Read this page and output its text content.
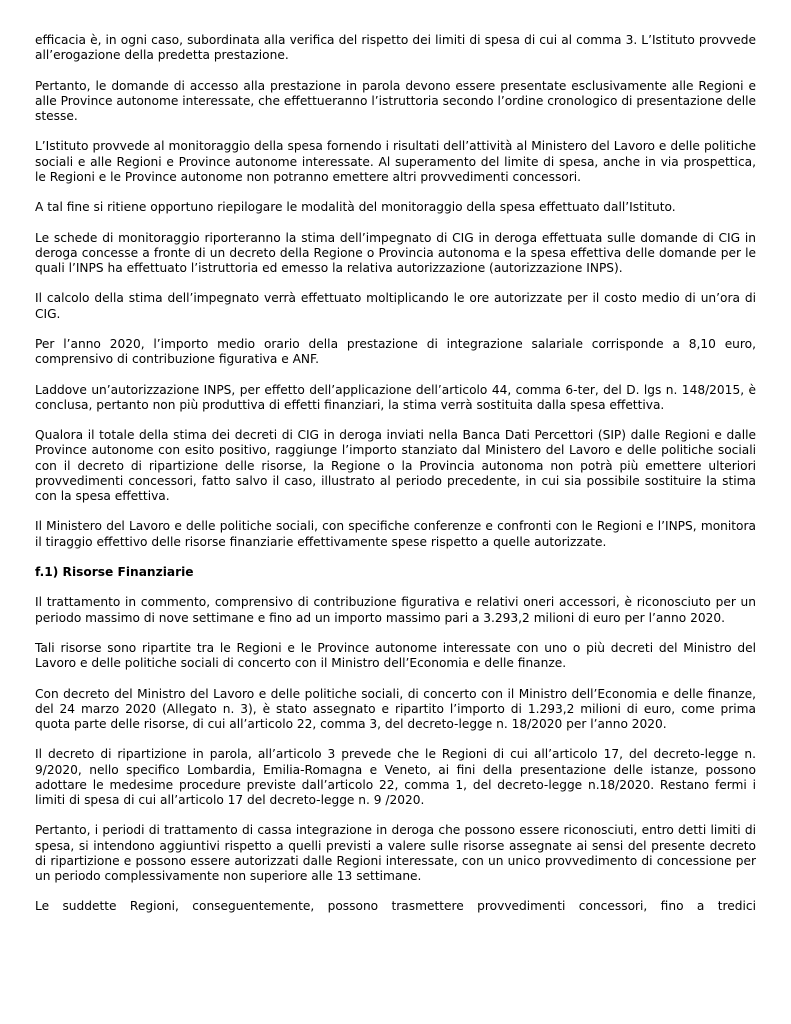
efficacia è, in ogni caso, subordinata alla verifica del rispetto dei limiti di spesa di cui al comma 3. L’Istituto provvede all’erogazione della predetta prestazione.

Pertanto, le domande di accesso alla prestazione in parola devono essere presentate esclusivamente alle Regioni e alle Province autonome interessate, che effettueranno l’istruttoria secondo l’ordine cronologico di presentazione delle stesse.

L’Istituto provvede al monitoraggio della spesa fornendo i risultati dell’attività al Ministero del Lavoro e delle politiche sociali e alle Regioni e Province autonome interessate. Al superamento del limite di spesa, anche in via prospettica, le Regioni e le Province autonome non potranno emettere altri provvedimenti concessori.

A tal fine si ritiene opportuno riepilogare le modalità del monitoraggio della spesa effettuato dall’Istituto.

Le schede di monitoraggio riporteranno la stima dell’impegnato di CIG in deroga effettuata sulle domande di CIG in deroga concesse a fronte di un decreto della Regione o Provincia autonoma e la spesa effettiva delle domande per le quali l’INPS ha effettuato l’istruttoria ed emesso la relativa autorizzazione (autorizzazione INPS).

Il calcolo della stima dell’impegnato verrà effettuato moltiplicando le ore autorizzate per il costo medio di un’ora di CIG.

Per l’anno 2020, l’importo medio orario della prestazione di integrazione salariale corrisponde a 8,10 euro, comprensivo di contribuzione figurativa e ANF.

Laddove un’autorizzazione INPS, per effetto dell’applicazione dell’articolo 44, comma 6-ter, del D. lgs n. 148/2015, è conclusa, pertanto non più produttiva di effetti finanziari, la stima verrà sostituita dalla spesa effettiva.

Qualora il totale della stima dei decreti di CIG in deroga inviati nella Banca Dati Percettori (SIP) dalle Regioni e dalle Province autonome con esito positivo, raggiunge l’importo stanziato dal Ministero del Lavoro e delle politiche sociali con il decreto di ripartizione delle risorse, la Regione o la Provincia autonoma non potrà più emettere ulteriori provvedimenti concessori, fatto salvo il caso, illustrato al periodo precedente, in cui sia possibile sostituire la stima con la spesa effettiva.

Il Ministero del Lavoro e delle politiche sociali, con specifiche conferenze e confronti con le Regioni e l’INPS, monitora il tiraggio effettivo delle risorse finanziarie effettivamente spese rispetto a quelle autorizzate.

f.1) Risorse Finanziarie

Il trattamento in commento, comprensivo di contribuzione figurativa e relativi oneri accessori, è riconosciuto per un periodo massimo di nove settimane e fino ad un importo massimo pari a 3.293,2 milioni di euro per l’anno 2020.

Tali risorse sono ripartite tra le Regioni e le Province autonome interessate con uno o più decreti del Ministro del Lavoro e delle politiche sociali di concerto con il Ministro dell’Economia e delle finanze.

Con decreto del Ministro del Lavoro e delle politiche sociali, di concerto con il Ministro dell’Economia e delle finanze, del 24 marzo 2020 (Allegato n. 3), è stato assegnato e ripartito l’importo di 1.293,2 milioni di euro, come prima quota parte delle risorse, di cui all’articolo 22, comma 3, del decreto-legge n. 18/2020 per l’anno 2020.

Il decreto di ripartizione in parola, all’articolo 3 prevede che le Regioni di cui all’articolo 17, del decreto-legge n. 9/2020, nello specifico Lombardia, Emilia-Romagna e Veneto, ai fini della presentazione delle istanze, possono adottare le medesime procedure previste dall’articolo 22, comma 1, del decreto-legge n.18/2020. Restano fermi i limiti di spesa di cui all’articolo 17 del decreto-legge n. 9 /2020.

Pertanto, i periodi di trattamento di cassa integrazione in deroga che possono essere riconosciuti, entro detti limiti di spesa, si intendono aggiuntivi rispetto a quelli previsti a valere sulle risorse assegnate ai sensi del presente decreto di ripartizione e possono essere autorizzati dalle Regioni interessate, con un unico provvedimento di concessione per un periodo complessivamente non superiore alle 13 settimane.

Le suddette Regioni, conseguentemente, possono trasmettere provvedimenti concessori, fino a tredici
